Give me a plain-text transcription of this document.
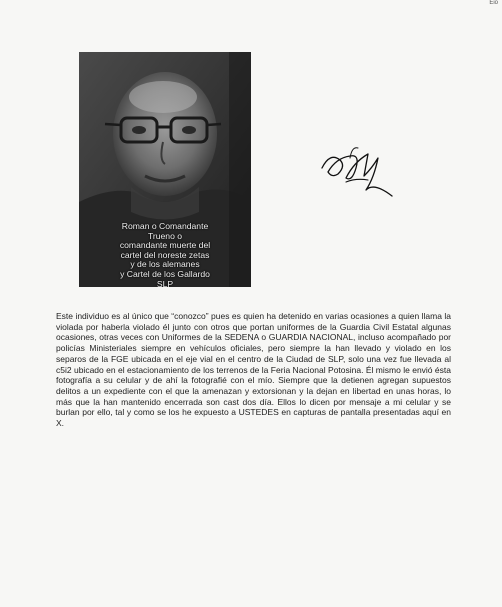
Eio
Roman o Comandante
Trueno o
comandante muerte del
cartel del noreste zetas
y de los alemanes
y Cartel de los Gallardo
SLP

Este individuo es al único que “conozco” pues es quien ha detenido en varias ocasiones a quien llama la violada por haberla violado él junto con otros que portan uniformes de la Guardia Civil Estatal algunas ocasiones, otras veces con Uniformes de la SEDENA o GUARDIA NACIONAL, incluso acompañado por policías Ministeriales siempre en vehículos oficiales, pero siempre la han llevado y violado en los separos de la FGE ubicada en el eje vial en el centro de la Ciudad de SLP, solo una vez fue llevada al c5i2 ubicado en el estacionamiento de los terrenos de la Feria Nacional Potosina. Él mismo le envió ésta fotografía a su celular y de ahí la fotografié con el mío. Siempre que la detienen agregan supuestos delitos a un expediente con el que la amenazan y extorsionan y la dejan en libertad en unas horas, lo más que la han mantenido encerrada son cast dos día. Ellos lo dicen por mensaje a mi celular y se burlan por ello, tal y como se los he expuesto a USTEDES en capturas de pantalla presentadas aquí en X.
